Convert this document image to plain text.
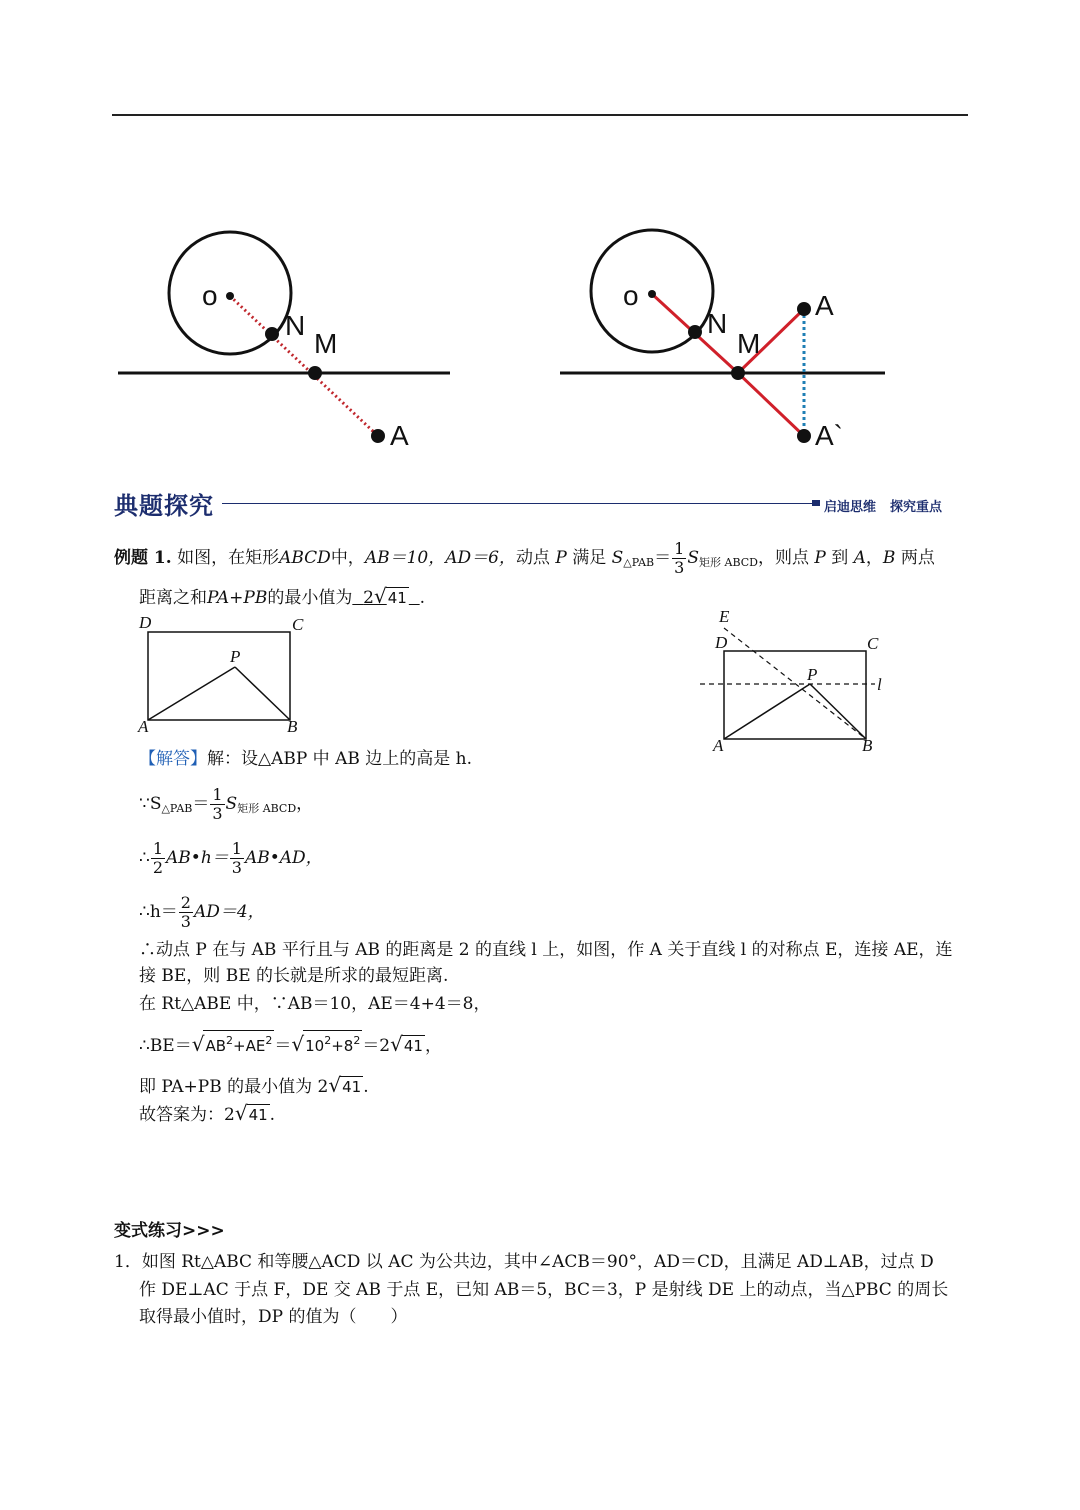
o
N
M
A
o
N
M
A
A`
典题探究	启迪思维 探究重点
例题 1. 如图，在矩形ABCD中，AB＝10，AD＝6，动点 P 满足 $S_{\triangle PAB}= \frac{1}{3} S_{矩形 ABCD}$，则点 P 到 A，B 两点
距离之和PA+PB的最小值为 2√41 .
D	C
P
A	B
E
D	C
P
l
A	B
【解答】解：设△ABP 中 AB 边上的高是 h.
$\because S_{\triangle PAB}= \frac{1}{3} S_{矩形 ABCD}$，
∴ $\frac{1}{2}$ AB•h＝ $\frac{1}{3}$ AB•AD，
∴h＝ $\frac{2}{3} AD=4$，
∴动点 P 在与 AB 平行且与 AB 的距离是 2 的直线 l 上，如图，作 A 关于直线 l 的对称点 E，连接 AE，连
接 BE，则 BE 的长就是所求的最短距离.
在 Rt△ABE 中，∵AB＝10，AE＝4+4＝8，
$\therefore BE=√AB^2+AE^2 =√10^2+8^2 =2√41$ ，
即 PA+PB 的最小值为 2√41 .
故答案为：2√41 .
变式练习>>>
1．如图 Rt△ABC 和等腰△ACD 以 AC 为公共边，其中∠ACB＝90°，AD＝CD，且满足 AD⊥AB，过点 D
作 DE⊥AC 于点 F，DE 交 AB 于点 E，已知 AB＝5，BC＝3，P 是射线 DE 上的动点，当△PBC 的周长
取得最小值时，DP 的值为（　　）
